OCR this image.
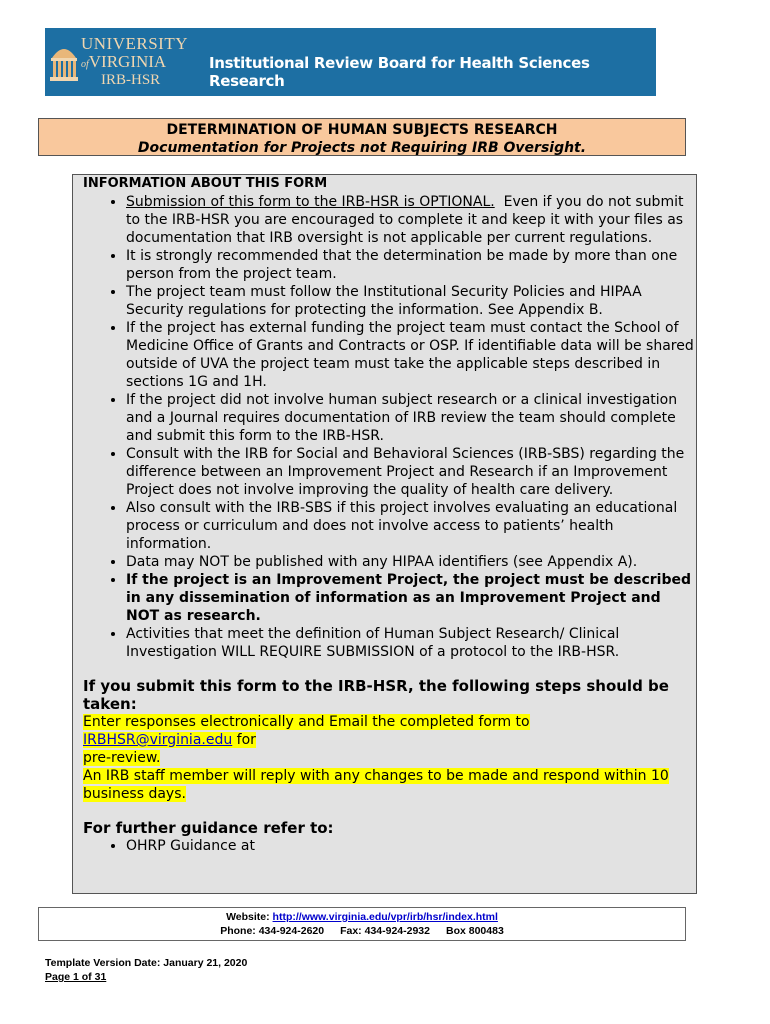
UNIVERSITY
ofVIRGINIA
IRB-HSR
Institutional Review Board for Health Sciences Research
DETERMINATION OF HUMAN SUBJECTS RESEARCH
Documentation for Projects not Requiring IRB Oversight.
INFORMATION ABOUT THIS FORM
• Submission of this form to the IRB-HSR is OPTIONAL.  Even if you do not submit to the IRB-HSR you are encouraged to complete it and keep it with your files as documentation that IRB oversight is not applicable per current regulations.
• It is strongly recommended that the determination be made by more than one person from the project team.
• The project team must follow the Institutional Security Policies and HIPAA Security regulations for protecting the information. See Appendix B.
• If the project has external funding the project team must contact the School of Medicine Office of Grants and Contracts or OSP. If identifiable data will be shared outside of UVA the project team must take the applicable steps described in sections 1G and 1H.
• If the project did not involve human subject research or a clinical investigation and a Journal requires documentation of IRB review the team should complete and submit this form to the IRB-HSR.
• Consult with the IRB for Social and Behavioral Sciences (IRB-SBS) regarding the difference between an Improvement Project and Research if an Improvement Project does not involve improving the quality of health care delivery.
• Also consult with the IRB-SBS if this project involves evaluating an educational process or curriculum and does not involve access to patients’ health information.
• Data may NOT be published with any HIPAA identifiers (see Appendix A).
• If the project is an Improvement Project, the project must be described in any dissemination of information as an Improvement Project and NOT as research.
• Activities that meet the definition of Human Subject Research/ Clinical Investigation WILL REQUIRE SUBMISSION of a protocol to the IRB-HSR.
If you submit this form to the IRB-HSR, the following steps should be taken:
Enter responses electronically and Email the completed form to
IRBHSR@virginia.edu for
pre-review.
An IRB staff member will reply with any changes to be made and respond within 10 business days.
For further guidance refer to:
• OHRP Guidance at
Website: http://www.virginia.edu/vpr/irb/hsr/index.html
Phone: 434-924-2620 Fax: 434-924-2932 Box 800483
Template Version Date: January 21, 2020
Page 1 of 31
